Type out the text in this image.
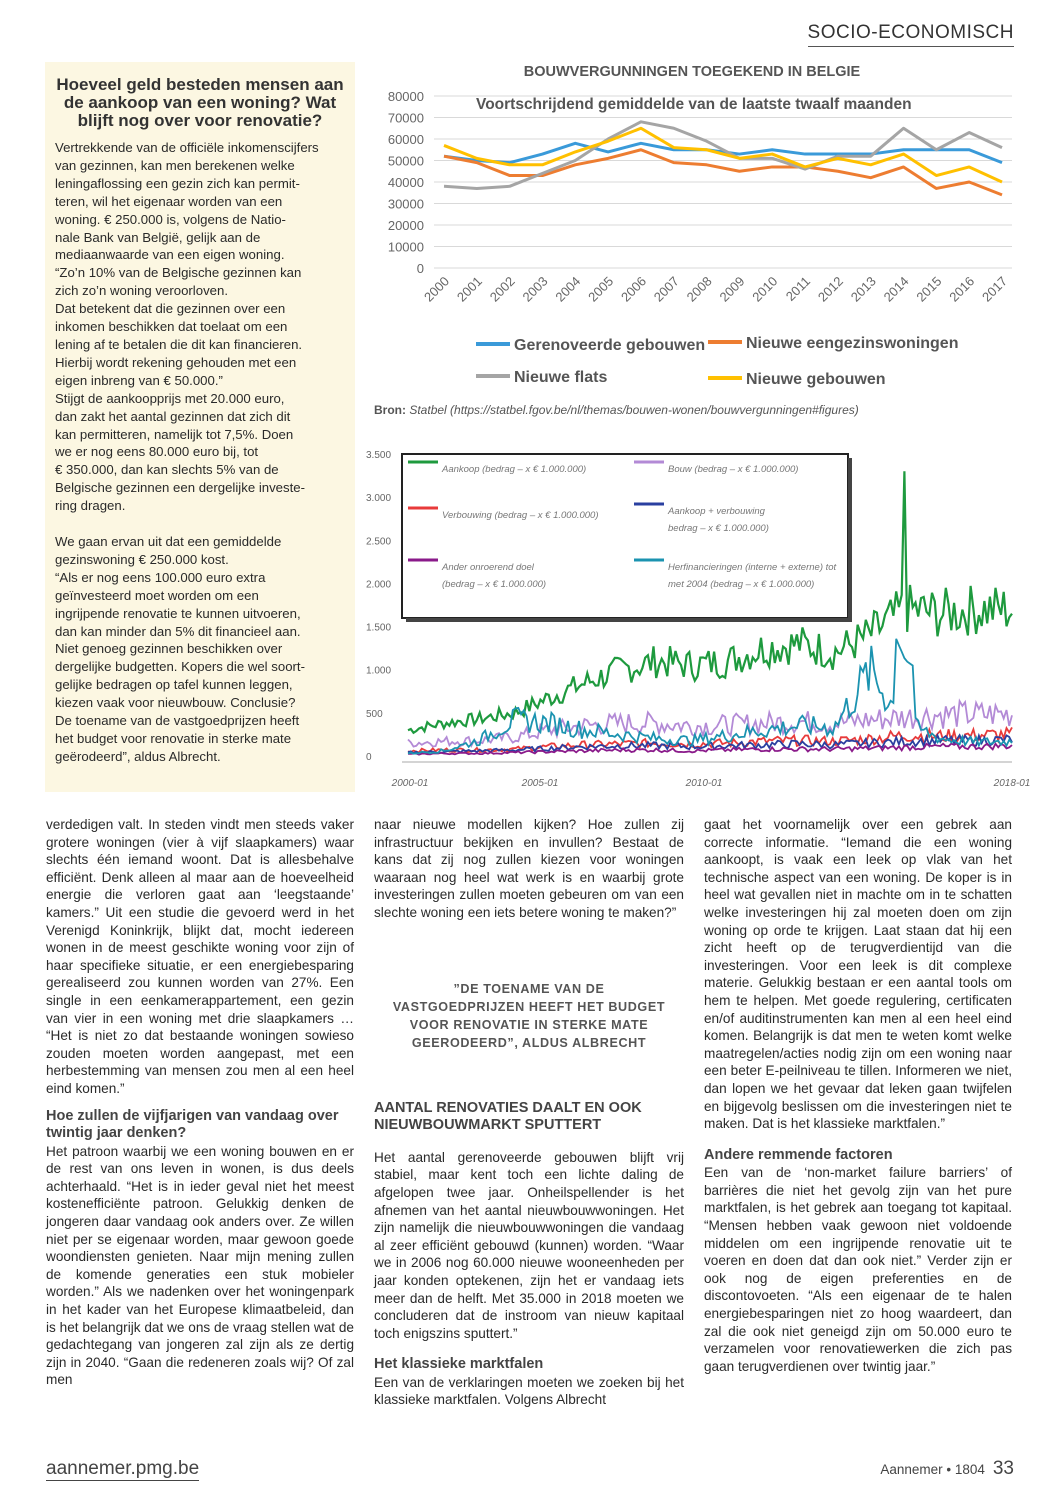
SOCIO-ECONOMISCH
Hoeveel geld besteden mensen aan de aankoop van een woning? Wat blijft nog over voor renovatie?

Vertrekkende van de officiële inkomenscijfers
van gezinnen, kan men berekenen welke
leningaflossing een gezin zich kan permit-
teren, wil het eigenaar worden van een
woning. € 250.000 is, volgens de Natio-
nale Bank van België, gelijk aan de
mediaanwaarde van een eigen woning.
“Zo’n 10% van de Belgische gezinnen kan
zich zo’n woning veroorloven.
Dat betekent dat die gezinnen over een
inkomen beschikken dat toelaat om een
lening af te betalen die dit kan financieren.
Hierbij wordt rekening gehouden met een
eigen inbreng van € 50.000.”
Stijgt de aankoopprijs met 20.000 euro,
dan zakt het aantal gezinnen dat zich dit
kan permitteren, namelijk tot 7,5%. Doen
we er nog eens 80.000 euro bij, tot
€ 350.000, dan kan slechts 5% van de
Belgische gezinnen een dergelijke investe-
ring dragen.

We gaan ervan uit dat een gemiddelde
gezinswoning € 250.000 kost.
“Als er nog eens 100.000 euro extra
geïnvesteerd moet worden om een
ingrijpende renovatie te kunnen uitvoeren,
dan kan minder dan 5% dit financieel aan.
Niet genoeg gezinnen beschikken over
dergelijke budgetten. Kopers die wel soort-
gelijke bedragen op tafel kunnen leggen,
kiezen vaak voor nieuwbouw. Conclusie?
De toename van de vastgoedprijzen heeft
het budget voor renovatie in sterke mate
geërodeerd”, aldus Albrecht.

BOUWVERGUNNINGEN TOEGEKEND IN BELGIE
80000
70000
60000
50000
40000
30000
20000
10000
0
2000 2001 2002 2003 2004 2005 2006 2007 2008 2009 2010 2011 2012 2013 2014 2015 2016 2017
Gerenoveerde gebouwen	Nieuwe eengezinswoningen
Nieuwe flats	Nieuwe gebouwen
Voortschrijdend gemiddelde van de laatste twaalf maanden
Bron: Statbel (https://statbel.fgov.be/nl/themas/bouwen-wonen/bouwvergunningen#figures)
3.500
3.000
2.500
2.000
1.500
1.000
500
0
2000-01	2005-01	2010-01	2018-01
Aankoop (bedrag – x € 1.000.000)	Bouw (bedrag – x € 1.000.000)
Verbouwing (bedrag – x € 1.000.000)	Aankoop + verbouwing
bedrag – x € 1.000.000)
Ander onroerend doel
(bedrag – x € 1.000.000)
Herfinancieringen (interne + externe) tot
met 2004 (bedrag – x € 1.000.000)

verdedigen valt. In steden vindt men steeds vaker grotere woningen (vier à vijf slaapkamers) waar slechts één iemand woont. Dat is allesbehalve efficiënt. Denk alleen al maar aan de hoeveelheid energie die verloren gaat aan ‘leegstaande’ kamers.” Uit een studie die gevoerd werd in het Verenigd Koninkrijk, blijkt dat, mocht iedereen wonen in de meest geschikte woning voor zijn of haar specifieke situatie, er een energiebesparing gerealiseerd zou kunnen worden van 27%. Een single in een eenkamerappartement, een gezin van vier in een woning met drie slaapkamers … “Het is niet zo dat bestaande woningen sowieso zouden moeten worden aangepast, met een herbestemming van mensen zou men al een heel eind komen.”

Hoe zullen de vijfjarigen van vandaag over twintig jaar denken?

Het patroon waarbij we een woning bouwen en er de rest van ons leven in wonen, is dus deels achterhaald. “Het is in ieder geval niet het meest kostenefficiënte patroon. Gelukkig denken de jongeren daar vandaag ook anders over. Ze willen niet per se eigenaar worden, maar gewoon goede woondiensten genieten. Naar mijn mening zullen de komende generaties een stuk mobieler worden.” Als we nadenken over het woningenpark in het kader van het Europese klimaatbeleid, dan is het belangrijk dat we ons de vraag stellen wat de gedachtegang van jongeren zal zijn als ze dertig zijn in 2040. “Gaan die redeneren zoals wij? Of zal men

naar nieuwe modellen kijken? Hoe zullen zij infrastructuur bekijken en invullen? Bestaat de kans dat zij nog zullen kiezen voor woningen waaraan nog heel wat werk is en waarbij grote investeringen zullen moeten gebeuren om van een slechte woning een iets betere woning te maken?”

”DE TOENAME VAN DE VASTGOEDPRIJZEN HEEFT HET BUDGET VOOR RENOVATIE IN STERKE MATE GEERODEERD”, ALDUS ALBRECHT
AANTAL RENOVATIES DAALT EN OOK NIEUWBOUWMARKT SPUTTERT

Het aantal gerenoveerde gebouwen blijft vrij stabiel, maar kent toch een lichte daling de afgelopen twee jaar. Onheilspellender is het afnemen van het aantal nieuwbouwwoningen. Het zijn namelijk die nieuwbouwwoningen die vandaag al zeer efficiënt gebouwd (kunnen) worden. “Waar we in 2006 nog 60.000 nieuwe wooneenheden per jaar konden optekenen, zijn het er vandaag iets meer dan de helft. Met 35.000 in 2018 moeten we concluderen dat de instroom van nieuw kapitaal toch enigszins sputtert.”

Het klassieke marktfalen

Een van de verklaringen moeten we zoeken bij het klassieke marktfalen. Volgens Albrecht

gaat het voornamelijk over een gebrek aan correcte informatie. “Iemand die een woning aankoopt, is vaak een leek op vlak van het technische aspect van een woning. De koper is in heel wat gevallen niet in machte om in te schatten welke investeringen hij zal moeten doen om zijn woning op orde te krijgen. Laat staan dat hij een zicht heeft op de terugverdientijd van die investeringen. Voor een leek is dit complexe materie. Gelukkig bestaan er een aantal tools om hem te helpen. Met goede regulering, certificaten en/of auditinstrumenten kan men al een heel eind komen. Belangrijk is dat men te weten komt welke maatregelen/acties nodig zijn om een woning naar een beter E-peilniveau te tillen. Informeren we niet, dan lopen we het gevaar dat leken gaan twijfelen en bijgevolg beslissen om die investeringen niet te maken. Dat is het klassieke marktfalen.”

Andere remmende factoren

Een van de ‘non-market failure barriers’ of barrières die niet het gevolg zijn van het pure marktfalen, is het gebrek aan toegang tot kapitaal. “Mensen hebben vaak gewoon niet voldoende middelen om een ingrijpende renovatie uit te voeren en doen dat dan ook niet.” Verder zijn er ook nog de eigen preferenties en de discontovoeten. “Als een eigenaar de te halen energiebesparingen niet zo hoog waardeert, dan zal die ook niet geneigd zijn om 50.000 euro te verzamelen voor renovatiewerken die zich pas gaan terugverdienen over twintig jaar.”

aannemer.pmg.be	Aannemer • 1804 33
